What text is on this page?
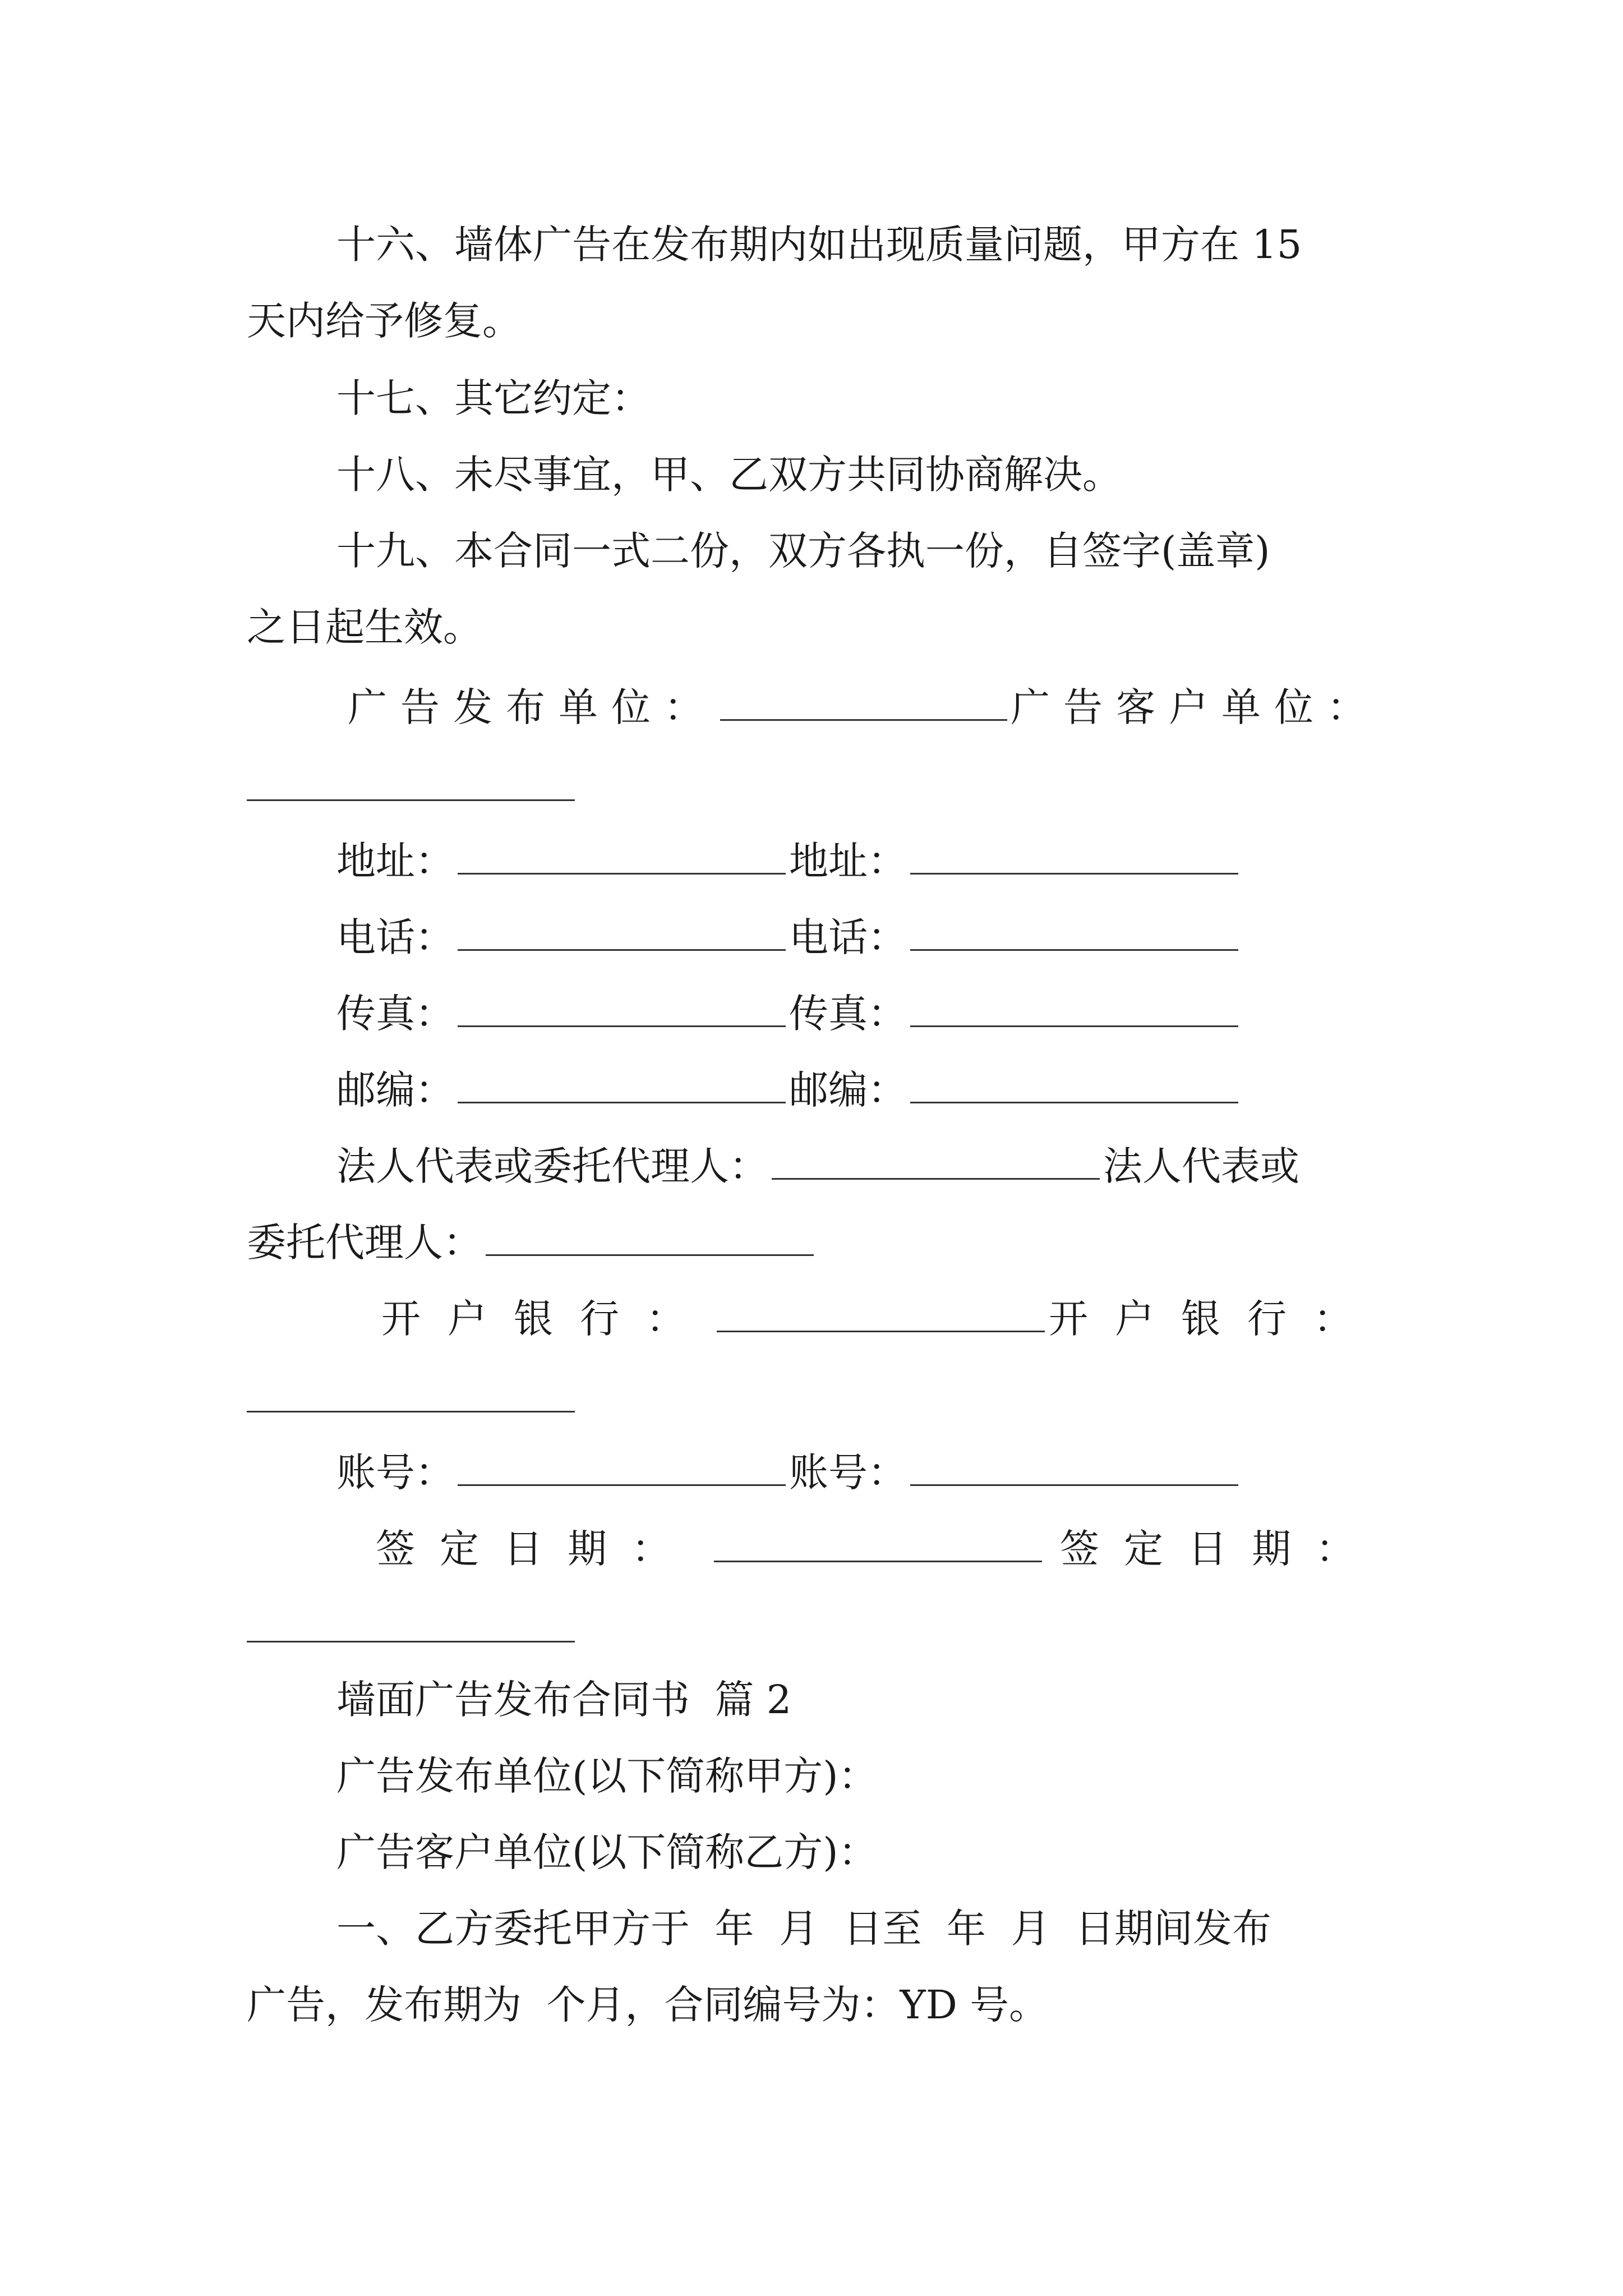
十六、墙体广告在发布期内如出现质量问题，甲方在 15
天内给予修复。
十七、其它约定：
十八、未尽事宜，甲、乙双方共同协商解决。
十九、本合同一式二份，双方各执一份，自签字(盖章)
之日起生效。
广告发布单位：	广告客户单位：
地址：	地址：
电话：	电话：
传真：	传真：
邮编：	邮编：
法人代表或委托代理人：	法人代表或
委托代理人：
开户银行：	开户银行：
账号：	账号：
签定日期：	签定日期：
墙面广告发布合同书  篇 2
广告发布单位(以下简称甲方)：
广告客户单位(以下简称乙方)：
一、乙方委托甲方于  年  月  日至  年  月  日期间发布
广告，发布期为  个月，合同编号为：YD 号。
